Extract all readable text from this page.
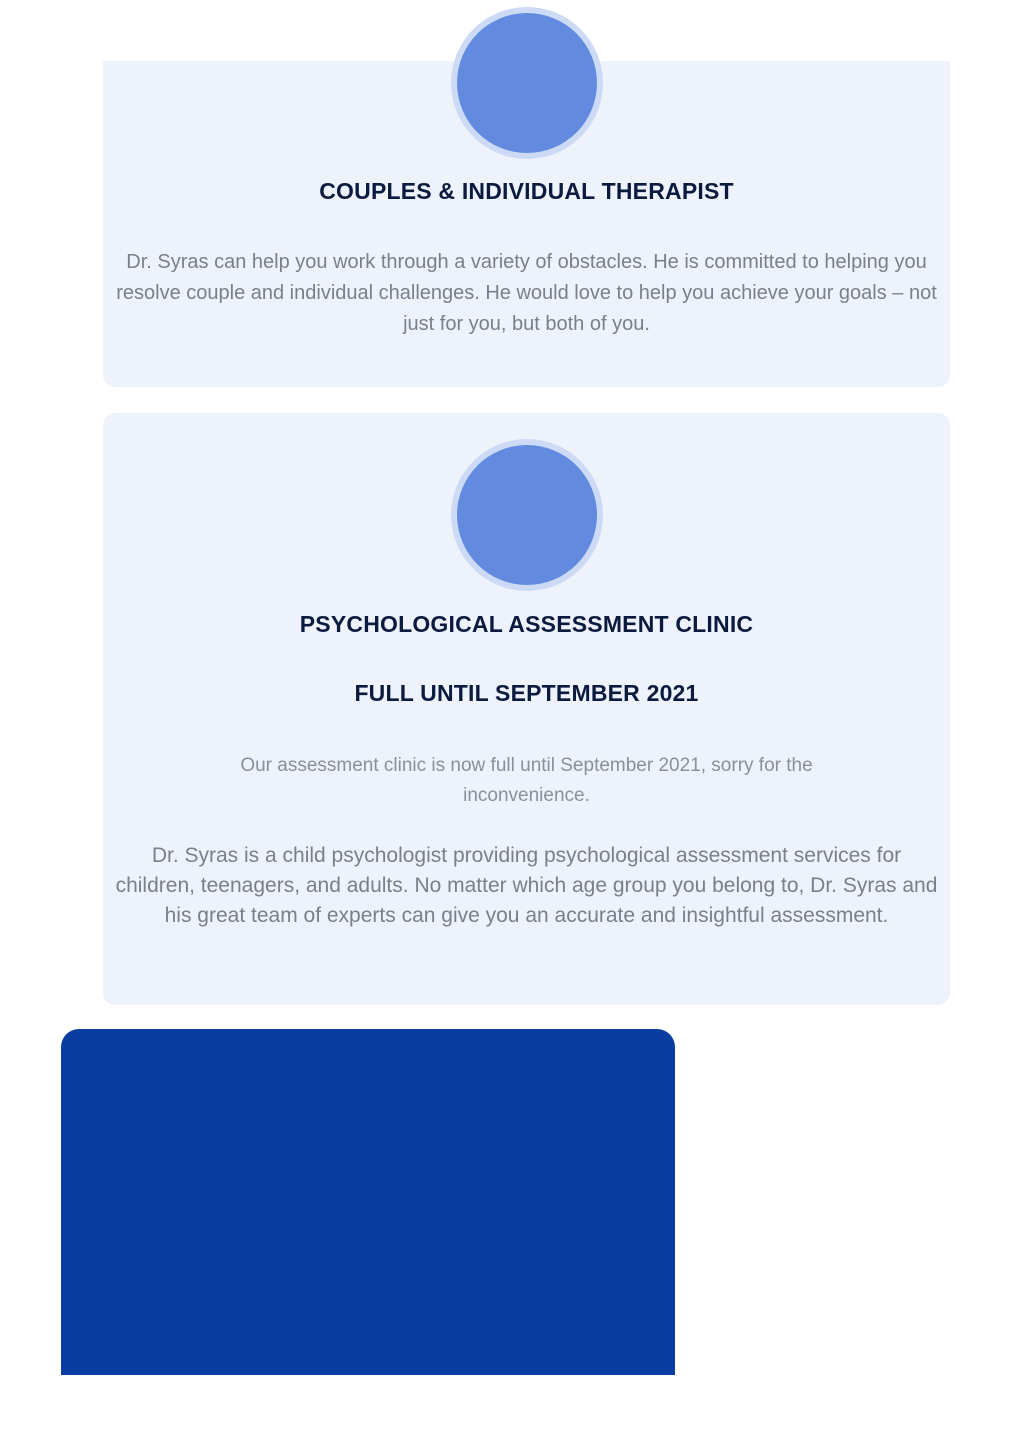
COUPLES & INDIVIDUAL THERAPIST

Dr. Syras can help you work through a variety of obstacles. He is committed to helping you resolve couple and individual challenges. He would love to help you achieve your goals – not just for you, but both of you.

PSYCHOLOGICAL ASSESSMENT CLINIC
FULL UNTIL SEPTEMBER 2021

Our assessment clinic is now full until September 2021, sorry for the inconvenience.

Dr. Syras is a child psychologist providing psychological assessment services for children, teenagers, and adults. No matter which age group you belong to, Dr. Syras and his great team of experts can give you an accurate and insightful assessment.
